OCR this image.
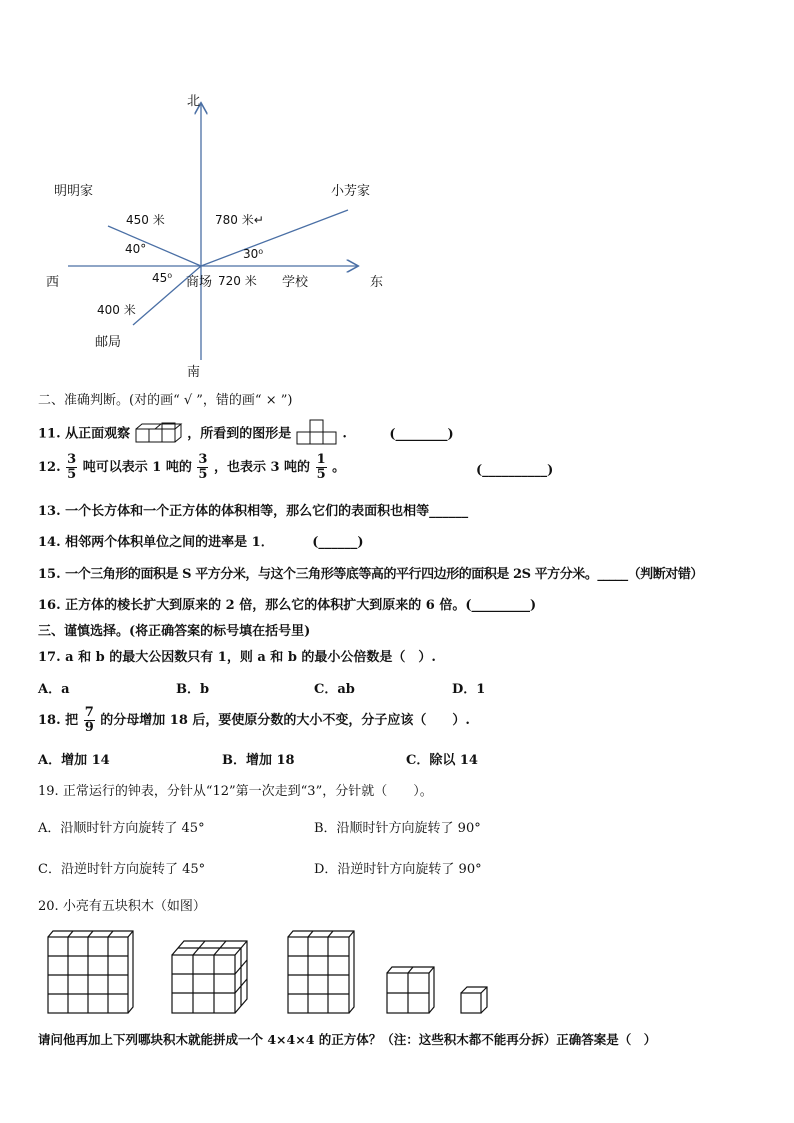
北
南
西	东
明明家	小芳家
450 米	780 米↵
40°	30⁰
45⁰ 商场 720 米 学校
400 米
邮局
二、准确判断。(对的画“ √ ”，错的画“ × ”)
11. 从正面观察	，所看到的图形是	.	(________)
12. $\frac{3}{5}$ 吨可以表示 1 吨的 $\frac{3}{5}$ ，也表示 3 吨的 $\frac{1}{5}$ 。	(__________)
13. 一个长方体和一个正方体的体积相等，那么它们的表面积也相等______
14. 相邻两个体积单位之间的进率是 1．	(______)
15. 一个三角形的面积是 S 平方分米，与这个三角形等底等高的平行四边形的面积是 2S 平方分米。_____（判断对错）
16. 正方体的棱长扩大到原来的 2 倍，那么它的体积扩大到原来的 6 倍。(_________)
三、谨慎选择。(将正确答案的标号填在括号里)
17. a 和 b 的最大公因数只有 1，则 a 和 b 的最小公倍数是（　）.
A．a	B．b	C．ab	D．1
18. 把 $\frac{7}{9}$ 的分母增加 18 后，要使原分数的大小不变，分子应该（　　）.
A．增加 14	B．增加 18	C．除以 14
19. 正常运行的钟表，分针从“12”第一次走到“3”，分针就（　　）。
A．沿顺时针方向旋转了 45°	B．沿顺时针方向旋转了 90°
C．沿逆时针方向旋转了 45°	D．沿逆时针方向旋转了 90°
20. 小亮有五块积木（如图）
请问他再加上下列哪块积木就能拼成一个 4×4×4 的正方体？（注：这些积木都不能再分拆）正确答案是（　）
